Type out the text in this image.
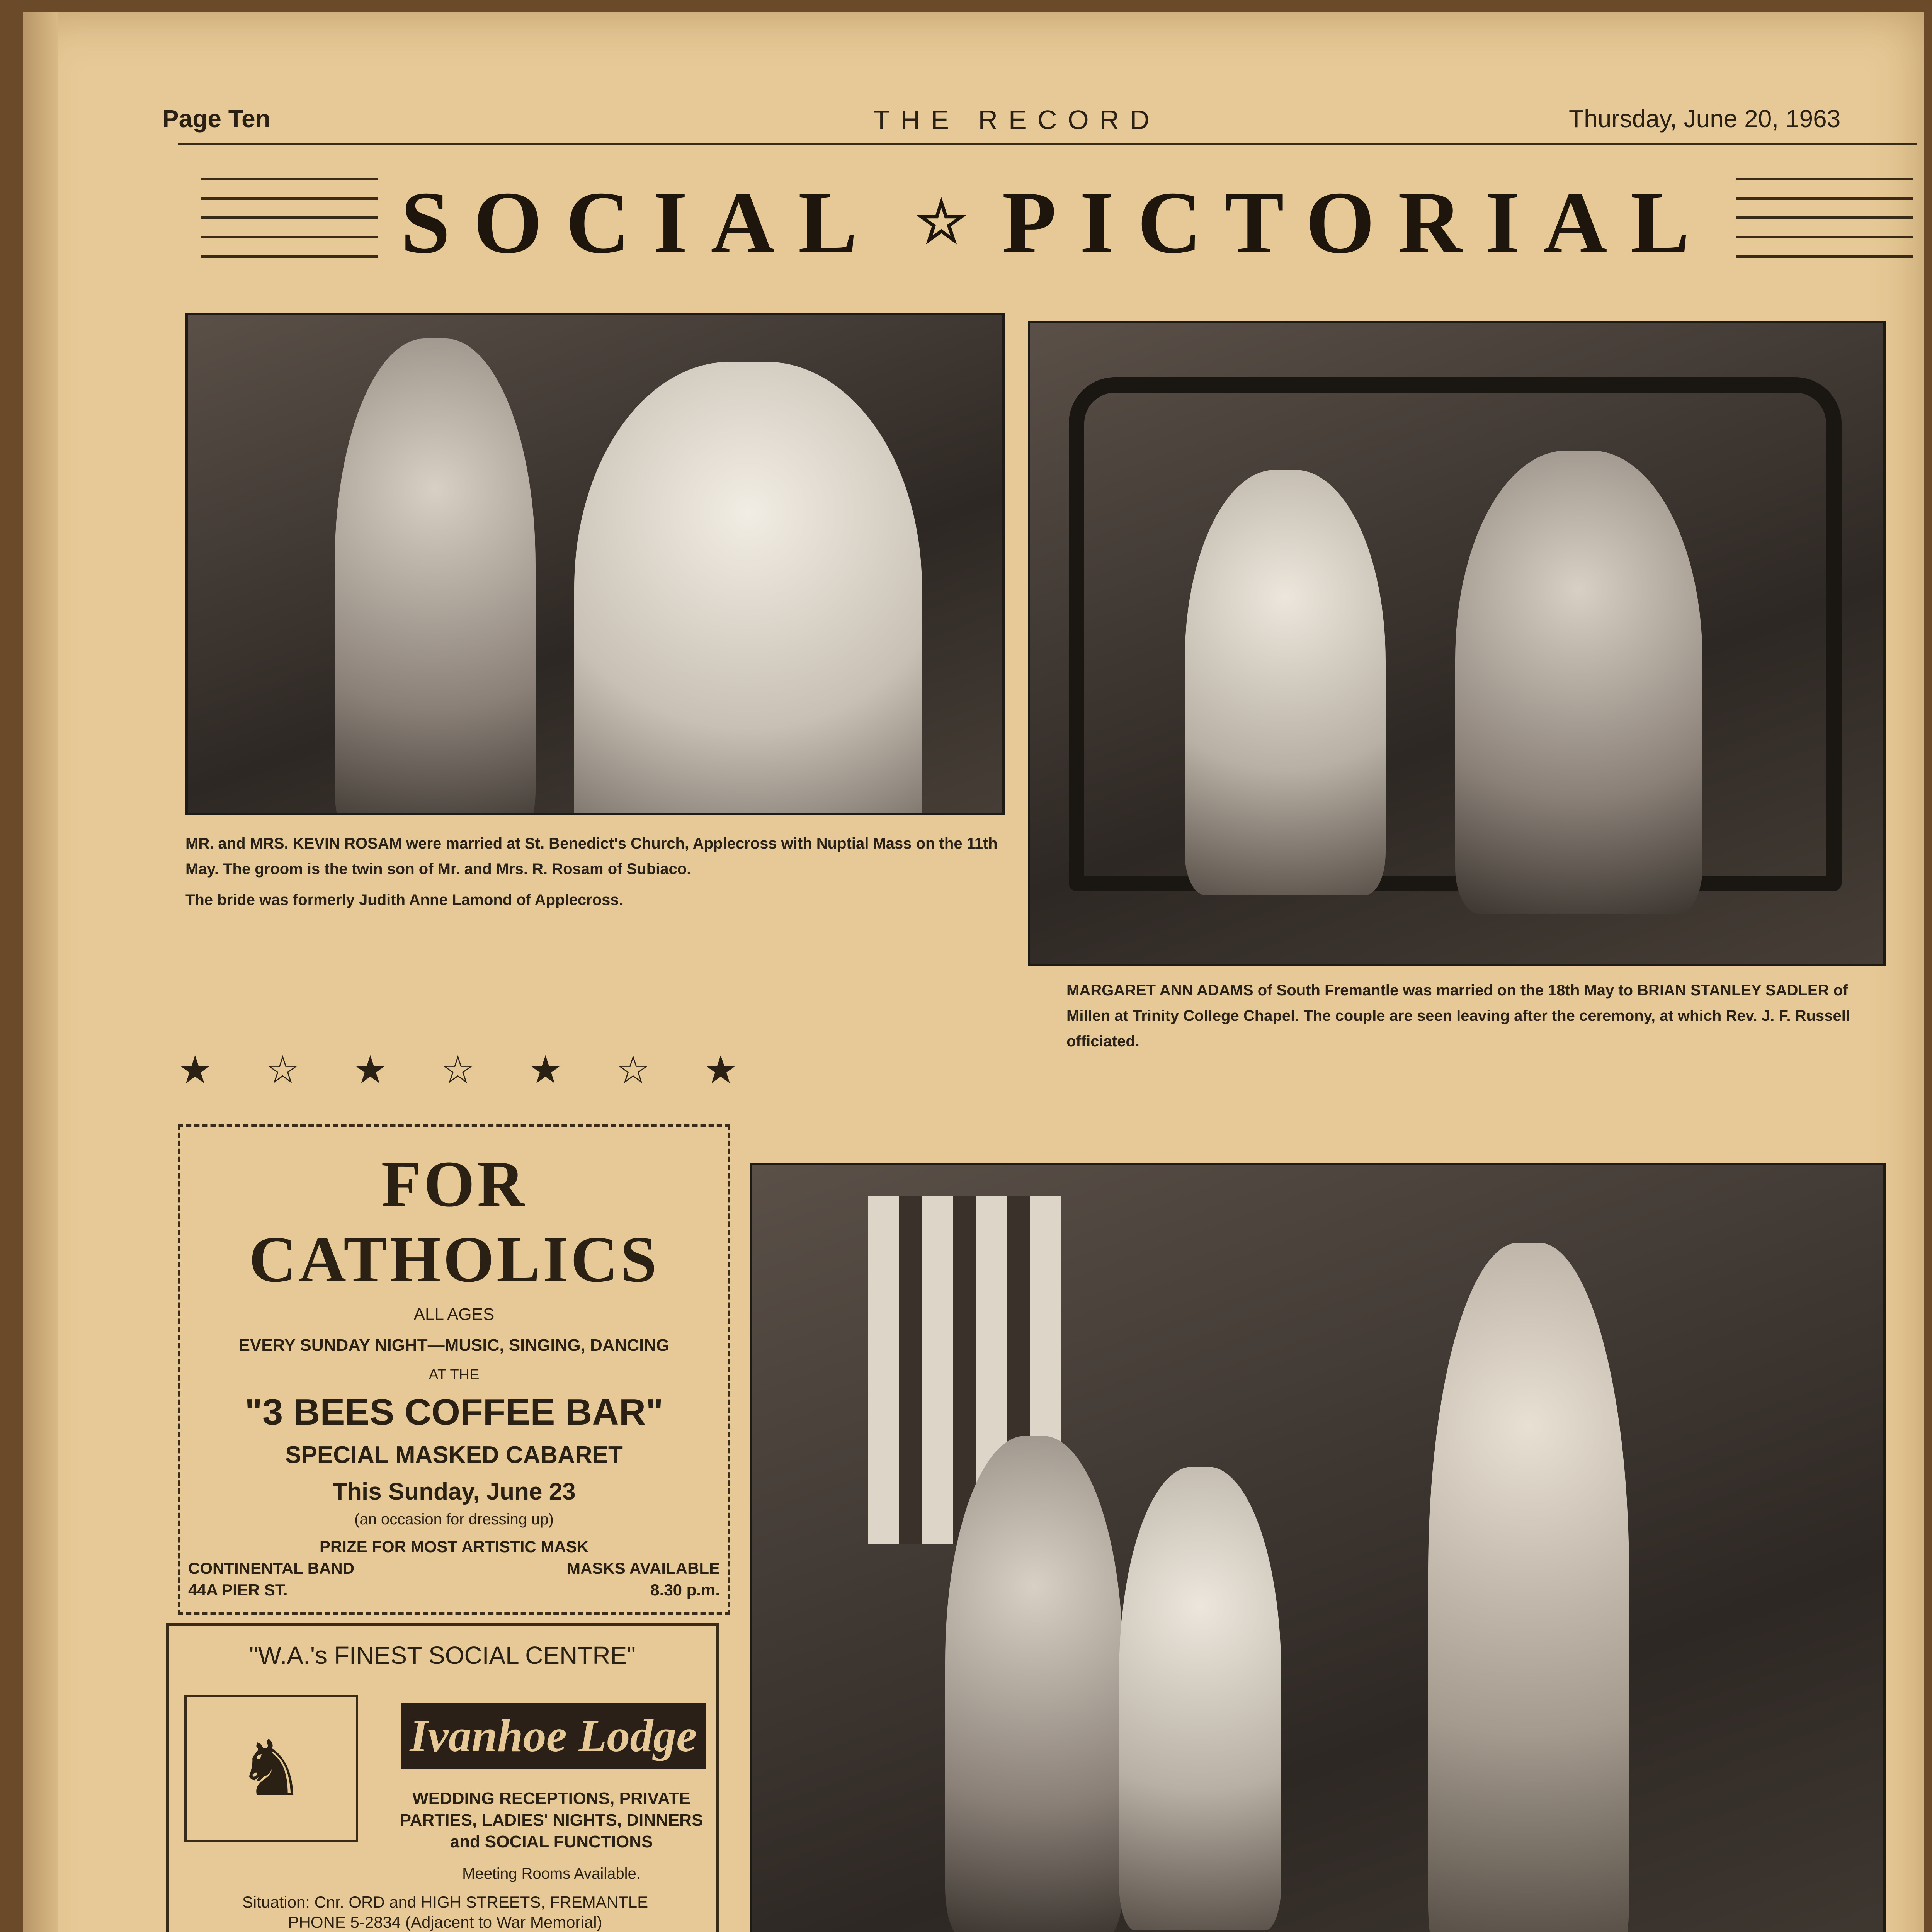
Page Ten	THE RECORD	Thursday, June 20, 1963
SOCIAL ☆ PICTORIAL

MR. and MRS. KEVIN ROSAM were married at St. Benedict's Church, Applecross with Nuptial Mass on the 11th May. The groom is the twin son of Mr. and Mrs. R. Rosam of Subiaco.

The bride was formerly Judith Anne Lamond of Applecross.

MARGARET ANN ADAMS of South Fremantle was married on the 18th May to BRIAN STANLEY SADLER of Millen at Trinity College Chapel. The couple are seen leaving after the ceremony, at which Rev. J. F. Russell officiated.
★ ☆ ★ ☆ ★ ☆ ★
FOR CATHOLICS
ALL AGES
EVERY SUNDAY NIGHT—MUSIC, SINGING, DANCING
AT THE
"3 BEES COFFEE BAR"
SPECIAL MASKED CABARET
This Sunday, June 23
(an occasion for dressing up)
PRIZE FOR MOST ARTISTIC MASK
CONTINENTAL BAND
44A PIER ST.
MASKS AVAILABLE
8.30 p.m.
"W.A.'s FINEST SOCIAL CENTRE"
♞	Ivanhoe Lodge
WEDDING RECEPTIONS, PRIVATE PARTIES, LADIES' NIGHTS, DINNERS and SOCIAL FUNCTIONS
Meeting Rooms Available.
Situation: Cnr. ORD and HIGH STREETS, FREMANTLE
PHONE 5-2834 (Adjacent to War Memorial)
